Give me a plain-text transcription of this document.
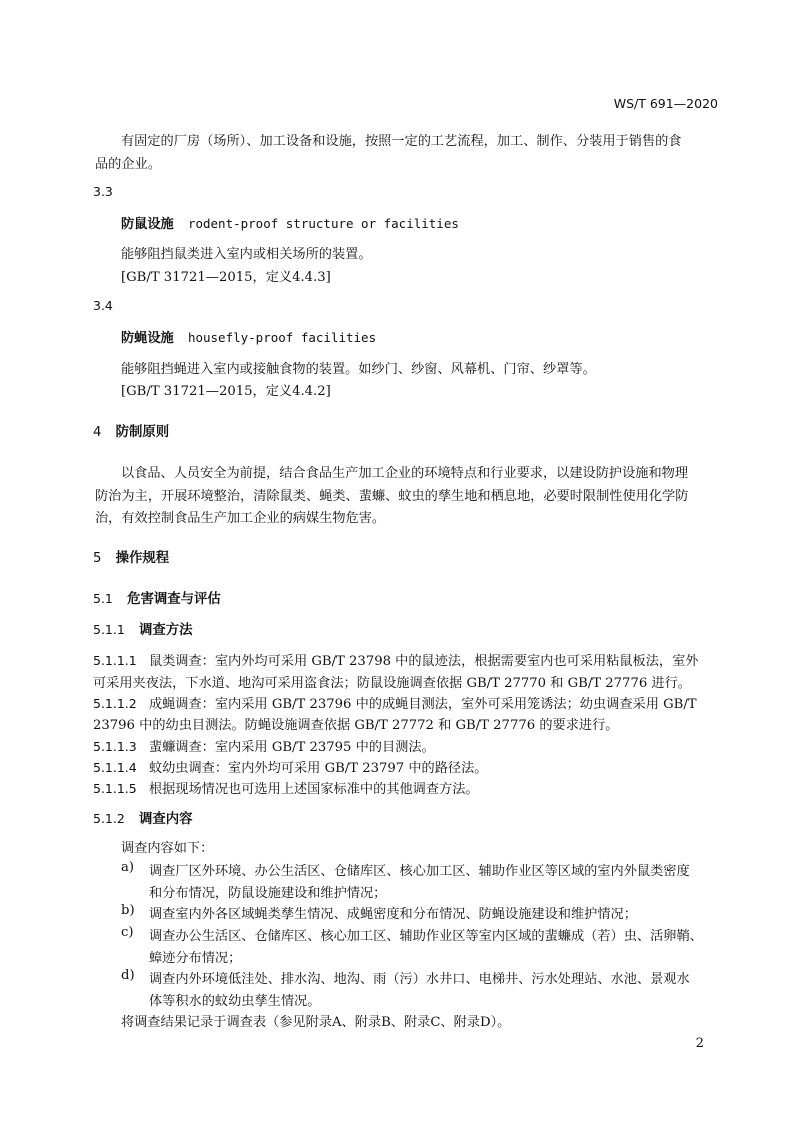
WS/T 691—2020
有固定的厂房（场所）、加工设备和设施，按照一定的工艺流程，加工、制作、分装用于销售的食
品的企业。
3.3
防鼠设施 rodent-proof structure or facilities
能够阻挡鼠类进入室内或相关场所的装置。
[GB/T 31721—2015，定义4.4.3]
3.4
防蝇设施 housefly-proof facilities
能够阻挡蝇进入室内或接触食物的装置。如纱门、纱窗、风幕机、门帘、纱罩等。
[GB/T 31721—2015，定义4.4.2]
4 防制原则
以食品、人员安全为前提，结合食品生产加工企业的环境特点和行业要求，以建设防护设施和物理
防治为主，开展环境整治，清除鼠类、蝇类、蜚蠊、蚊虫的孳生地和栖息地，必要时限制性使用化学防
治，有效控制食品生产加工企业的病媒生物危害。
5 操作规程
5.1 危害调查与评估
5.1.1 调查方法
5.1.1.1 鼠类调查：室内外均可采用 GB/T 23798 中的鼠迹法，根据需要室内也可采用粘鼠板法，室外
可采用夹夜法，下水道、地沟可采用盗食法；防鼠设施调查依据 GB/T 27770 和 GB/T 27776 进行。
5.1.1.2 成蝇调查：室内采用 GB/T 23796 中的成蝇目测法，室外可采用笼诱法；幼虫调查采用 GB/T
23796 中的幼虫目测法。防蝇设施调查依据 GB/T 27772 和 GB/T 27776 的要求进行。
5.1.1.3 蜚蠊调查：室内采用 GB/T 23795 中的目测法。
5.1.1.4 蚊幼虫调查：室内外均可采用 GB/T 23797 中的路径法。
5.1.1.5 根据现场情况也可选用上述国家标准中的其他调查方法。
5.1.2 调查内容
调查内容如下：
a) 调查厂区外环境、办公生活区、仓储库区、核心加工区、辅助作业区等区域的室内外鼠类密度
和分布情况，防鼠设施建设和维护情况；
b) 调查室内外各区域蝇类孳生情况、成蝇密度和分布情况、防蝇设施建设和维护情况；
c) 调查办公生活区、仓储库区、核心加工区、辅助作业区等室内区域的蜚蠊成（若）虫、活卵鞘、
蟑迹分布情况；
d) 调查内外环境低洼处、排水沟、地沟、雨（污）水井口、电梯井、污水处理站、水池、景观水
体等积水的蚊幼虫孳生情况。
将调查结果记录于调查表（参见附录A、附录B、附录C、附录D）。
2
